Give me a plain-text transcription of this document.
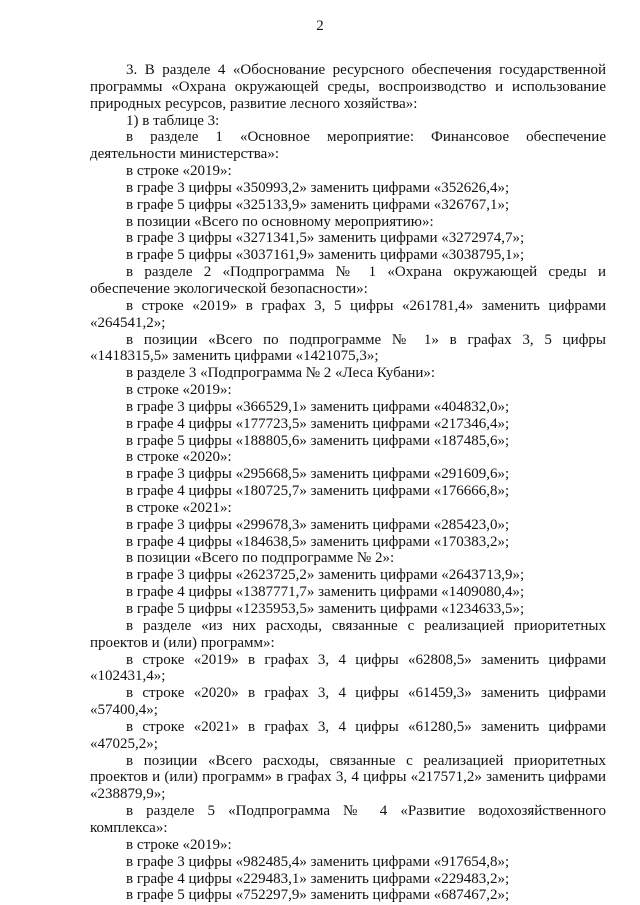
2
3. В разделе 4 «Обоснование ресурсного обеспечения государственной
программы «Охрана окружающей среды, воспроизводство и использование
природных ресурсов, развитие лесного хозяйства»:
1) в таблице 3:
в разделе 1 «Основное мероприятие: Финансовое обеспечение
деятельности министерства»:
в строке «2019»:
в графе 3 цифры «350993,2» заменить цифрами «352626,4»;
в графе 5 цифры «325133,9» заменить цифрами «326767,1»;
в позиции «Всего по основному мероприятию»:
в графе 3 цифры «3271341,5» заменить цифрами «3272974,7»;
в графе 5 цифры «3037161,9» заменить цифрами «3038795,1»;
в разделе 2 «Подпрограмма № 1 «Охрана окружающей среды и
обеспечение экологической безопасности»:
в строке «2019» в графах 3, 5 цифры «261781,4» заменить цифрами
«264541,2»;
в позиции «Всего по подпрограмме № 1» в графах 3, 5 цифры
«1418315,5» заменить цифрами «1421075,3»;
в разделе 3 «Подпрограмма № 2 «Леса Кубани»:
в строке «2019»:
в графе 3 цифры «366529,1» заменить цифрами «404832,0»;
в графе 4 цифры «177723,5» заменить цифрами «217346,4»;
в графе 5 цифры «188805,6» заменить цифрами «187485,6»;
в строке «2020»:
в графе 3 цифры «295668,5» заменить цифрами «291609,6»;
в графе 4 цифры «180725,7» заменить цифрами «176666,8»;
в строке «2021»:
в графе 3 цифры «299678,3» заменить цифрами «285423,0»;
в графе 4 цифры «184638,5» заменить цифрами «170383,2»;
в позиции «Всего по подпрограмме № 2»:
в графе 3 цифры «2623725,2» заменить цифрами «2643713,9»;
в графе 4 цифры «1387771,7» заменить цифрами «1409080,4»;
в графе 5 цифры «1235953,5» заменить цифрами «1234633,5»;
в разделе «из них расходы, связанные с реализацией приоритетных
проектов и (или) программ»:
в строке «2019» в графах 3, 4 цифры «62808,5» заменить цифрами
«102431,4»;
в строке «2020» в графах 3, 4 цифры «61459,3» заменить цифрами
«57400,4»;
в строке «2021» в графах 3, 4 цифры «61280,5» заменить цифрами
«47025,2»;
в позиции «Всего расходы, связанные с реализацией приоритетных
проектов и (или) программ» в графах 3, 4 цифры «217571,2» заменить цифрами
«238879,9»;
в разделе 5 «Подпрограмма № 4 «Развитие водохозяйственного
комплекса»:
в строке «2019»:
в графе 3 цифры «982485,4» заменить цифрами «917654,8»;
в графе 4 цифры «229483,1» заменить цифрами «229483,2»;
в графе 5 цифры «752297,9» заменить цифрами «687467,2»;
